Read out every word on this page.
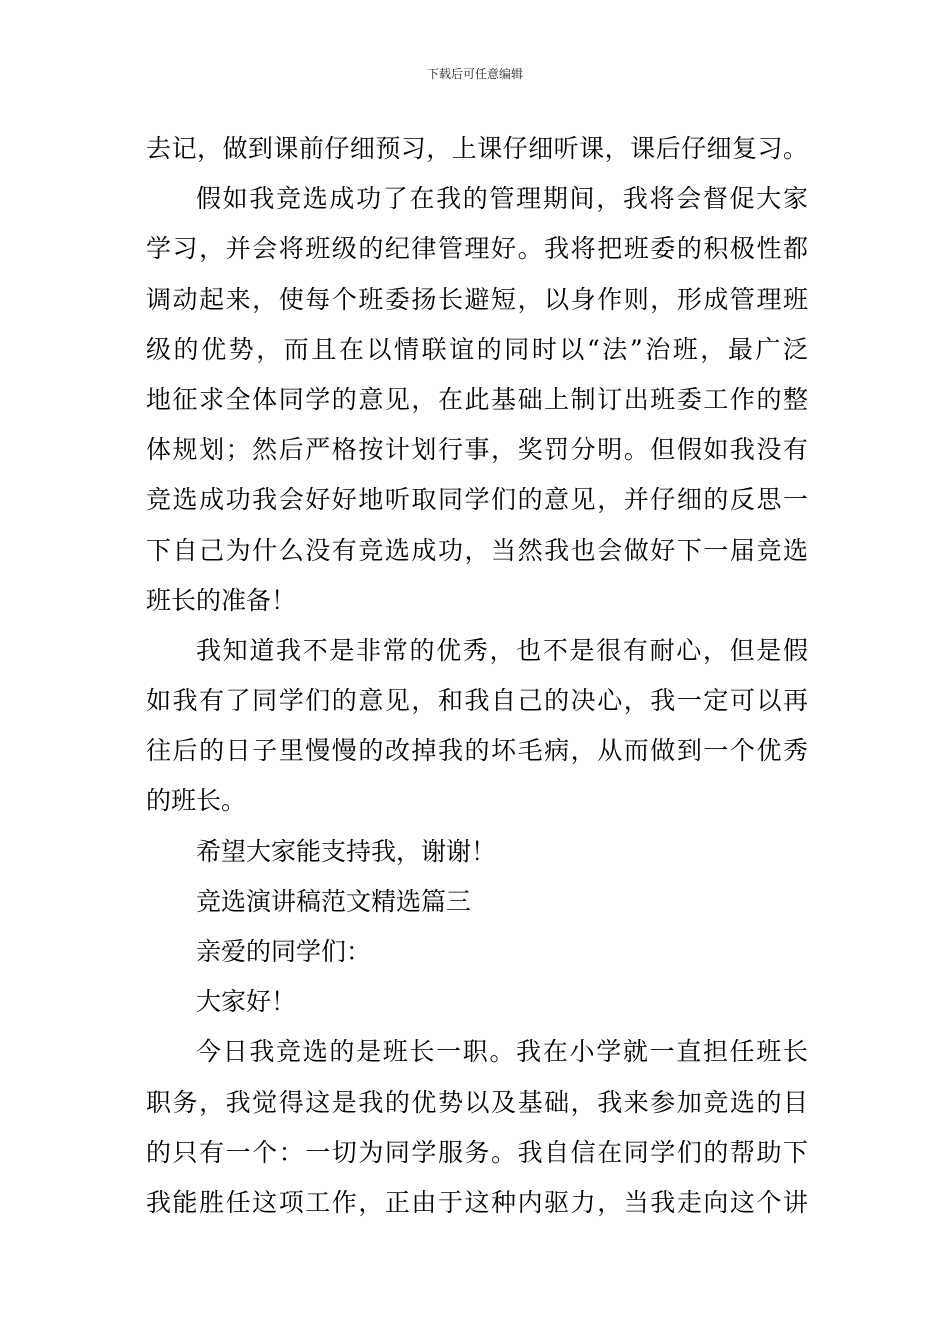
下载后可任意编辑
去记，做到课前仔细预习，上课仔细听课，课后仔细复习。
假如我竞选成功了在我的管理期间，我将会督促大家
学习，并会将班级的纪律管理好。我将把班委的积极性都
调动起来，使每个班委扬长避短，以身作则，形成管理班
级的优势，而且在以情联谊的同时以“法”治班，最广泛
地征求全体同学的意见，在此基础上制订出班委工作的整
体规划；然后严格按计划行事，奖罚分明。但假如我没有
竞选成功我会好好地听取同学们的意见，并仔细的反思一
下自己为什么没有竞选成功，当然我也会做好下一届竞选
班长的准备！
我知道我不是非常的优秀，也不是很有耐心，但是假
如我有了同学们的意见，和我自己的决心，我一定可以再
往后的日子里慢慢的改掉我的坏毛病，从而做到一个优秀
的班长。
希望大家能支持我，谢谢！
竞选演讲稿范文精选篇三
亲爱的同学们：
大家好！
今日我竞选的是班长一职。我在小学就一直担任班长
职务，我觉得这是我的优势以及基础，我来参加竞选的目
的只有一个：一切为同学服务。我自信在同学们的帮助下
我能胜任这项工作，正由于这种内驱力，当我走向这个讲
